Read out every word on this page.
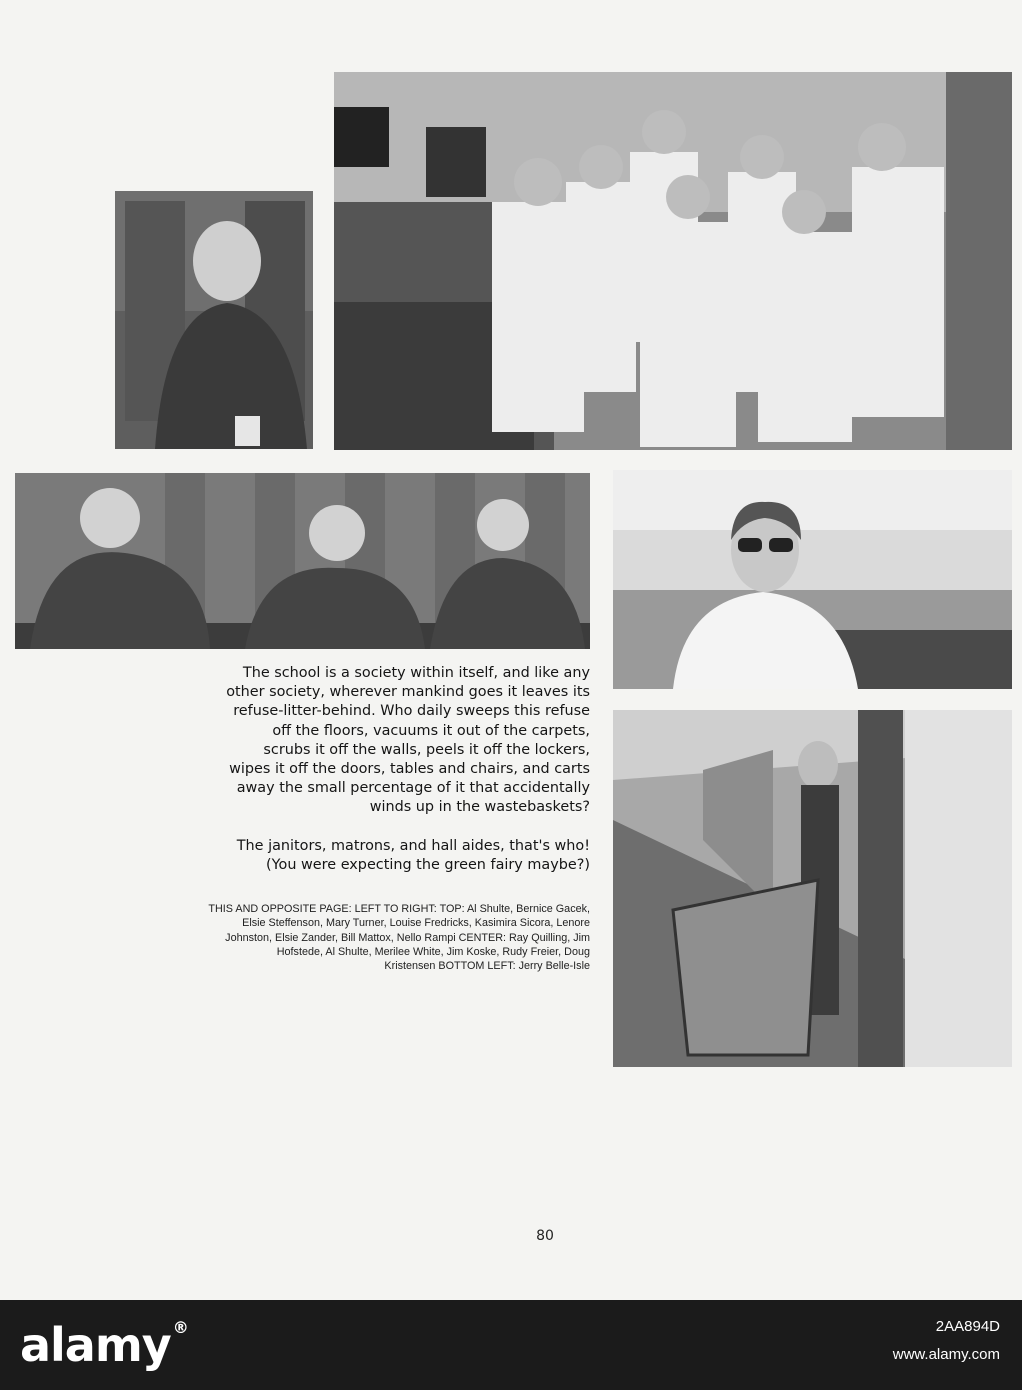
The school is a society within itself, and like any
other society, wherever mankind goes it leaves its
refuse-litter-behind. Who daily sweeps this refuse
off the floors, vacuums it out of the carpets,
scrubs it off the walls, peels it off the lockers,
wipes it off the doors, tables and chairs, and carts
away the small percentage of it that accidentally
winds up in the wastebaskets?

The janitors, matrons, and hall aides, that's who!
(You were expecting the green fairy maybe?)

THIS AND OPPOSITE PAGE: LEFT TO RIGHT: TOP: Al Shulte, Bernice Gacek,
Elsie Steffenson, Mary Turner, Louise Fredricks, Kasimira Sicora, Lenore
Johnston, Elsie Zander, Bill Mattox, Nello Rampi CENTER: Ray Quilling, Jim
Hofstede, Al Shulte, Merilee White, Jim Koske, Rudy Freier, Doug
Kristensen BOTTOM LEFT: Jerry Belle-Isle
80
alamy ®	2AA894D
www.alamy.com
